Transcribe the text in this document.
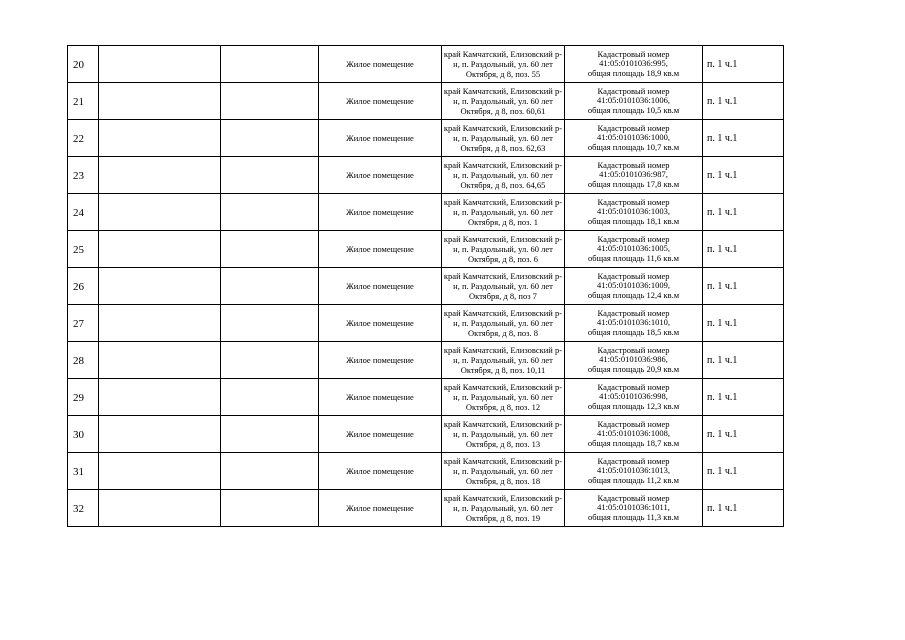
20			Жилое помещение	край Камчатский, Елизовский р-н, п. Раздольный, ул. 60 лет Октября, д 8, поз. 55	Кадастровый номер
41:05:0101036:995,
общая площадь 18,9 кв.м	п. 1 ч.1
21			Жилое помещение	край Камчатский, Елизовский р-н, п. Раздольный, ул. 60 лет Октября, д 8, поз. 60,61	Кадастровый номер
41:05:0101036:1006,
общая площадь 10,5 кв.м	п. 1 ч.1
22			Жилое помещение	край Камчатский, Елизовский р-н, п. Раздольный, ул. 60 лет Октября, д 8, поз. 62,63	Кадастровый номер
41:05:0101036:1000,
общая площадь 10,7 кв.м	п. 1 ч.1
23			Жилое помещение	край Камчатский, Елизовский р-н, п. Раздольный, ул. 60 лет Октября, д 8, поз. 64,65	Кадастровый номер
41:05:0101036:987,
общая площадь 17,8 кв.м	п. 1 ч.1
24			Жилое помещение	край Камчатский, Елизовский р-н, п. Раздольный, ул. 60 лет Октября, д 8, поз. 1	Кадастровый номер
41:05:0101036:1003,
общая площадь 18,1 кв.м	п. 1 ч.1
25			Жилое помещение	край Камчатский, Елизовский р-н, п. Раздольный, ул. 60 лет Октября, д 8, поз. 6	Кадастровый номер
41:05:0101036:1005,
общая площадь 11,6 кв.м	п. 1 ч.1
26			Жилое помещение	край Камчатский, Елизовский р-н, п. Раздольный, ул. 60 лет Октября, д 8, поз 7	Кадастровый номер
41:05:0101036:1009,
общая площадь 12,4 кв.м	п. 1 ч.1
27			Жилое помещение	край Камчатский, Елизовский р-н, п. Раздольный, ул. 60 лет Октября, д 8, поз. 8	Кадастровый номер
41:05:0101036:1010,
общая площадь 18,5 кв.м	п. 1 ч.1
28			Жилое помещение	край Камчатский, Елизовский р-н, п. Раздольный, ул. 60 лет Октября, д 8, поз. 10,11	Кадастровый номер
41:05:0101036:986,
общая площадь 20,9 кв.м	п. 1 ч.1
29			Жилое помещение	край Камчатский, Елизовский р-н, п. Раздольный, ул. 60 лет Октября, д 8, поз. 12	Кадастровый номер
41:05:0101036:998,
общая площадь 12,3 кв.м	п. 1 ч.1
30			Жилое помещение	край Камчатский, Елизовский р-н, п. Раздольный, ул. 60 лет Октября, д 8, поз. 13	Кадастровый номер
41:05:0101036:1008,
общая площадь 18,7 кв.м	п. 1 ч.1
31			Жилое помещение	край Камчатский, Елизовский р-н, п. Раздольный, ул. 60 лет Октября, д 8, поз. 18	Кадастровый номер
41:05:0101036:1013,
общая площадь 11,2 кв.м	п. 1 ч.1
32			Жилое помещение	край Камчатский, Елизовский р-н, п. Раздольный, ул. 60 лет Октября, д 8, поз. 19	Кадастровый номер
41:05:0101036:1011,
общая площадь 11,3 кв.м	п. 1 ч.1
